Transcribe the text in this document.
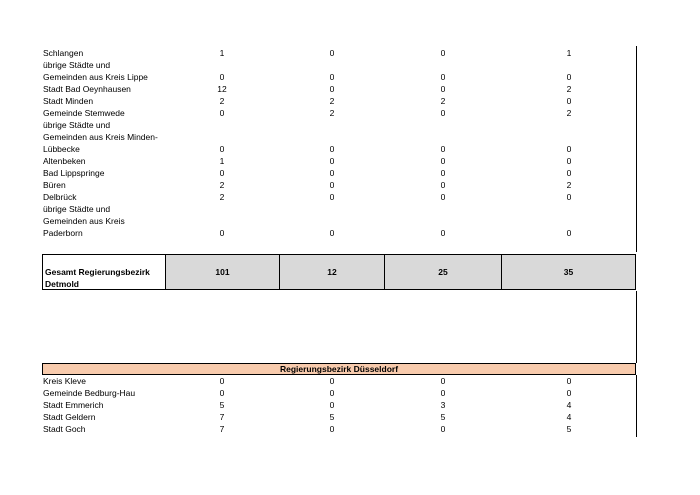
Schlangen	1	0	0	1
übrige Städte und
Gemeinden aus Kreis Lippe	0	0	0	0
Stadt Bad Oeynhausen	12	0	0	2
Stadt Minden	2	2	2	0
Gemeinde Stemwede	0	2	0	2
übrige Städte und
Gemeinden aus Kreis Minden-
Lübbecke	0	0	0	0
Altenbeken	1	0	0	0
Bad Lippspringe	0	0	0	0
Büren	2	0	0	2
Delbrück	2	0	0	0
übrige Städte und
Gemeinden aus Kreis
Paderborn	0	0	0	0
Gesamt Regierungsbezirk
Detmold
101	12	25	35
Regierungsbezirk Düsseldorf
Kreis Kleve	0	0	0	0
Gemeinde Bedburg-Hau	0	0	0	0
Stadt Emmerich	5	0	3	4
Stadt Geldern	7	5	5	4
Stadt Goch	7	0	0	5
